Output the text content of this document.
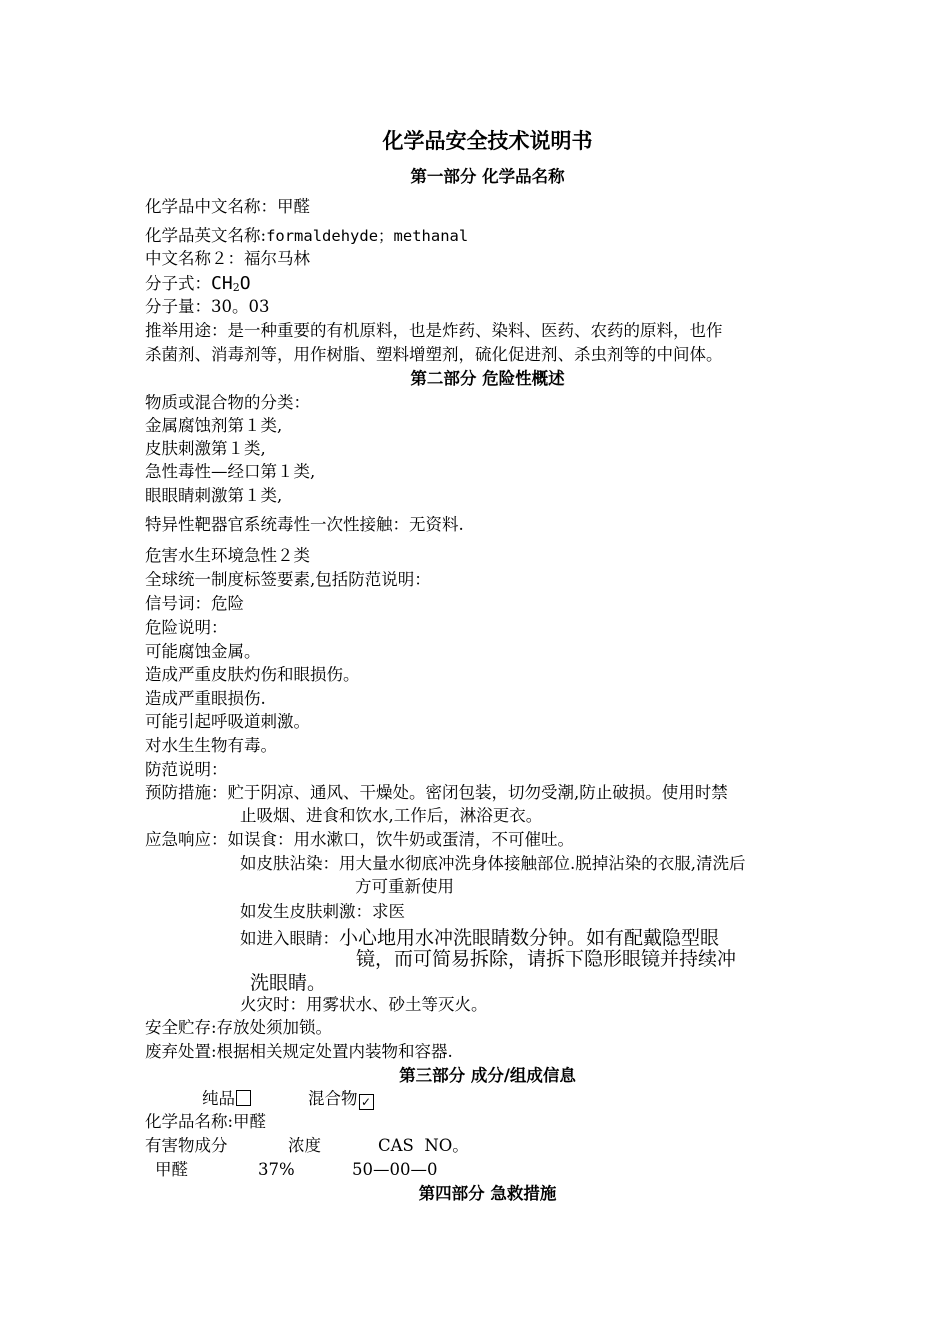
化学品安全技术说明书
第一部分 化学品名称
化学品中文名称：甲醛
化学品英文名称:formaldehyde；methanal
中文名称２：福尔马林
分子式：$CH_2O$
分子量：30。03
推举用途：是一种重要的有机原料，也是炸药、染料、医药、农药的原料，也作
杀菌剂、消毒剂等，用作树脂、塑料增塑剂，硫化促进剂、杀虫剂等的中间体。
第二部分 危险性概述
物质或混合物的分类：
金属腐蚀剂第１类,
皮肤刺激第１类,
急性毒性—经口第１类,
眼眼睛刺激第１类,
特异性靶器官系统毒性一次性接触：无资料.
危害水生环境急性２类
全球统一制度标签要素,包括防范说明：
信号词：危险
危险说明：
可能腐蚀金属。
造成严重皮肤灼伤和眼损伤。
造成严重眼损伤.
可能引起呼吸道刺激。
对水生生物有毒。
防范说明：
预防措施：贮于阴凉、通风、干燥处。密闭包装，切勿受潮,防止破损。使用时禁
止吸烟、进食和饮水,工作后，淋浴更衣。
应急响应：如误食：用水漱口，饮牛奶或蛋清，不可催吐。
如皮肤沾染：用大量水彻底冲洗身体接触部位.脱掉沾染的衣服,清洗后
方可重新使用
如发生皮肤刺激：求医
如进入眼睛：小心地用水冲洗眼睛数分钟。如有配戴隐型眼
镜，而可简易拆除，请拆下隐形眼镜并持续冲
洗眼睛。
火灾时：用雾状水、砂土等灭火。
安全贮存:存放处须加锁。
废弃处置:根据相关规定处置内装物和容器.
第三部分 成分/组成信息
纯品	混合物 ✓
化学品名称:甲醛
有害物成分	浓度	CAS  NO。
甲醛	37%	50—00—0
第四部分 急救措施
